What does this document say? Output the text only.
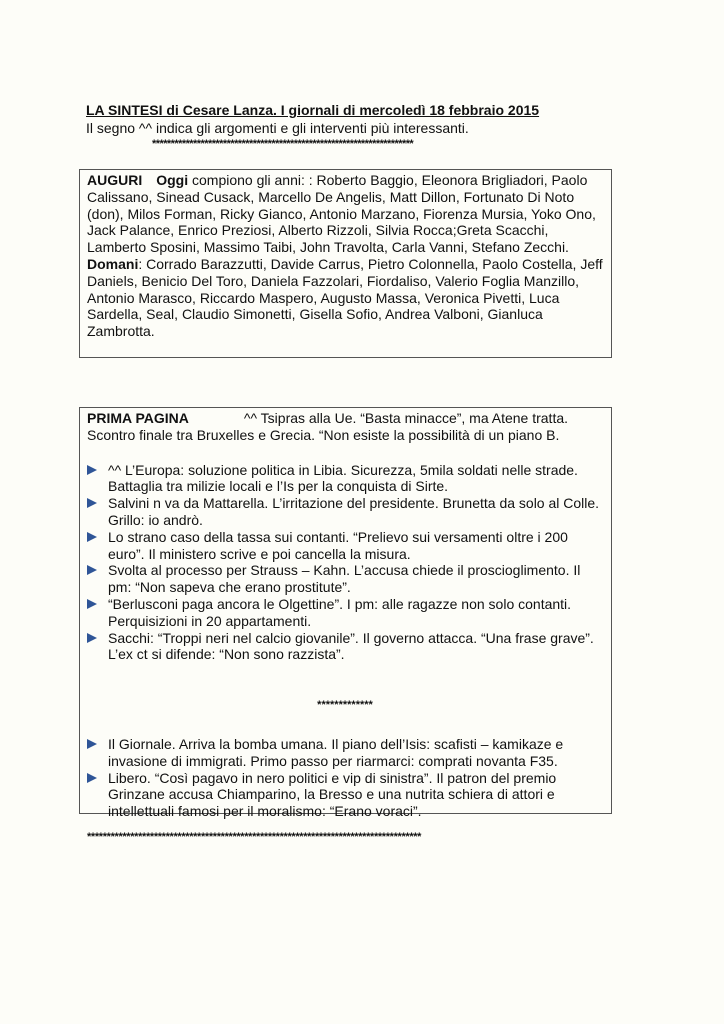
LA SINTESI di Cesare Lanza. I giornali di mercoledì 18 febbraio 2015
Il segno ^^ indica gli argomenti e gli interventi più interessanti.
**********************************************************************

AUGURI Oggi compiono gli anni: : Roberto Baggio, Eleonora Brigliadori, Paolo Calissano, Sinead Cusack, Marcello De Angelis, Matt Dillon, Fortunato Di Noto (don), Milos Forman, Ricky Gianco, Antonio Marzano, Fiorenza Mursia, Yoko Ono, Jack Palance, Enrico Preziosi, Alberto Rizzoli, Silvia Rocca;Greta Scacchi, Lamberto Sposini, Massimo Taibi, John Travolta, Carla Vanni, Stefano Zecchi.

Domani: Corrado Barazzutti, Davide Carrus, Pietro Colonnella, Paolo Costella, Jeff Daniels, Benicio Del Toro, Daniela Fazzolari, Fiordaliso, Valerio Foglia Manzillo, Antonio Marasco, Riccardo Maspero, Augusto Massa, Veronica Pivetti, Luca Sardella, Seal, Claudio Simonetti, Gisella Sofio, Andrea Valboni, Gianluca Zambrotta.

PRIMA PAGINA	^^ Tsipras alla Ue. “Basta minacce”, ma Atene tratta. Scontro finale tra Bruxelles e Grecia. “Non esiste la possibilità di un piano B.

^^ L’Europa: soluzione politica in Libia. Sicurezza, 5mila soldati nelle strade. Battaglia tra milizie locali e l’Is per la conquista di Sirte.
Salvini n va da Mattarella. L’irritazione del presidente. Brunetta da solo al Colle. Grillo: io andrò.
Lo strano caso della tassa sui contanti. “Prelievo sui versamenti oltre i 200 euro”. Il ministero scrive e poi cancella la misura.
Svolta al processo per Strauss – Kahn. L’accusa chiede il proscioglimento. Il pm: “Non sapeva che erano prostitute”.
“Berlusconi paga ancora le Olgettine”. I pm: alle ragazze non solo contanti. Perquisizioni in 20 appartamenti.
Sacchi: “Troppi neri nel calcio giovanile”. Il governo attacca. “Una frase grave”. L’ex ct si difende: “Non sono razzista”.
*************
Il Giornale. Arriva la bomba umana. Il piano dell’Isis: scafisti – kamikaze e invasione di immigrati. Primo passo per riarmarci: comprati novanta F35.
Libero. “Così pagavo in nero politici e vip di sinistra”. Il patron del premio Grinzane accusa Chiamparino, la Bresso e una nutrita schiera di attori e intellettuali famosi per il moralismo: “Erano voraci”.
*************************************************************************************
